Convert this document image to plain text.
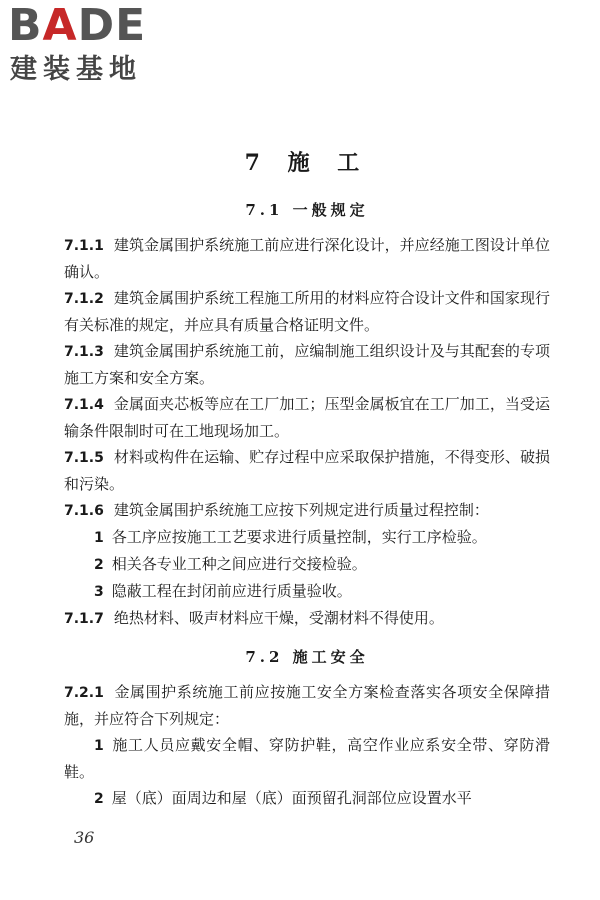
BADE
建装基地
7 施 工
7.1 一般规定

7.1.1 建筑金属围护系统施工前应进行深化设计，并应经施工图设计单位确认。

7.1.2 建筑金属围护系统工程施工所用的材料应符合设计文件和国家现行有关标准的规定，并应具有质量合格证明文件。

7.1.3 建筑金属围护系统施工前，应编制施工组织设计及与其配套的专项施工方案和安全方案。

7.1.4 金属面夹芯板等应在工厂加工；压型金属板宜在工厂加工，当受运输条件限制时可在工地现场加工。

7.1.5 材料或构件在运输、贮存过程中应采取保护措施，不得变形、破损和污染。

7.1.6 建筑金属围护系统施工应按下列规定进行质量过程控制：

1 各工序应按施工工艺要求进行质量控制，实行工序检验。

2 相关各专业工种之间应进行交接检验。

3 隐蔽工程在封闭前应进行质量验收。

7.1.7 绝热材料、吸声材料应干燥，受潮材料不得使用。

7.2 施工安全

7.2.1 金属围护系统施工前应按施工安全方案检查落实各项安全保障措施，并应符合下列规定：

1 施工人员应戴安全帽、穿防护鞋，高空作业应系安全带、穿防滑鞋。

2 屋（底）面周边和屋（底）面预留孔洞部位应设置水平

36
